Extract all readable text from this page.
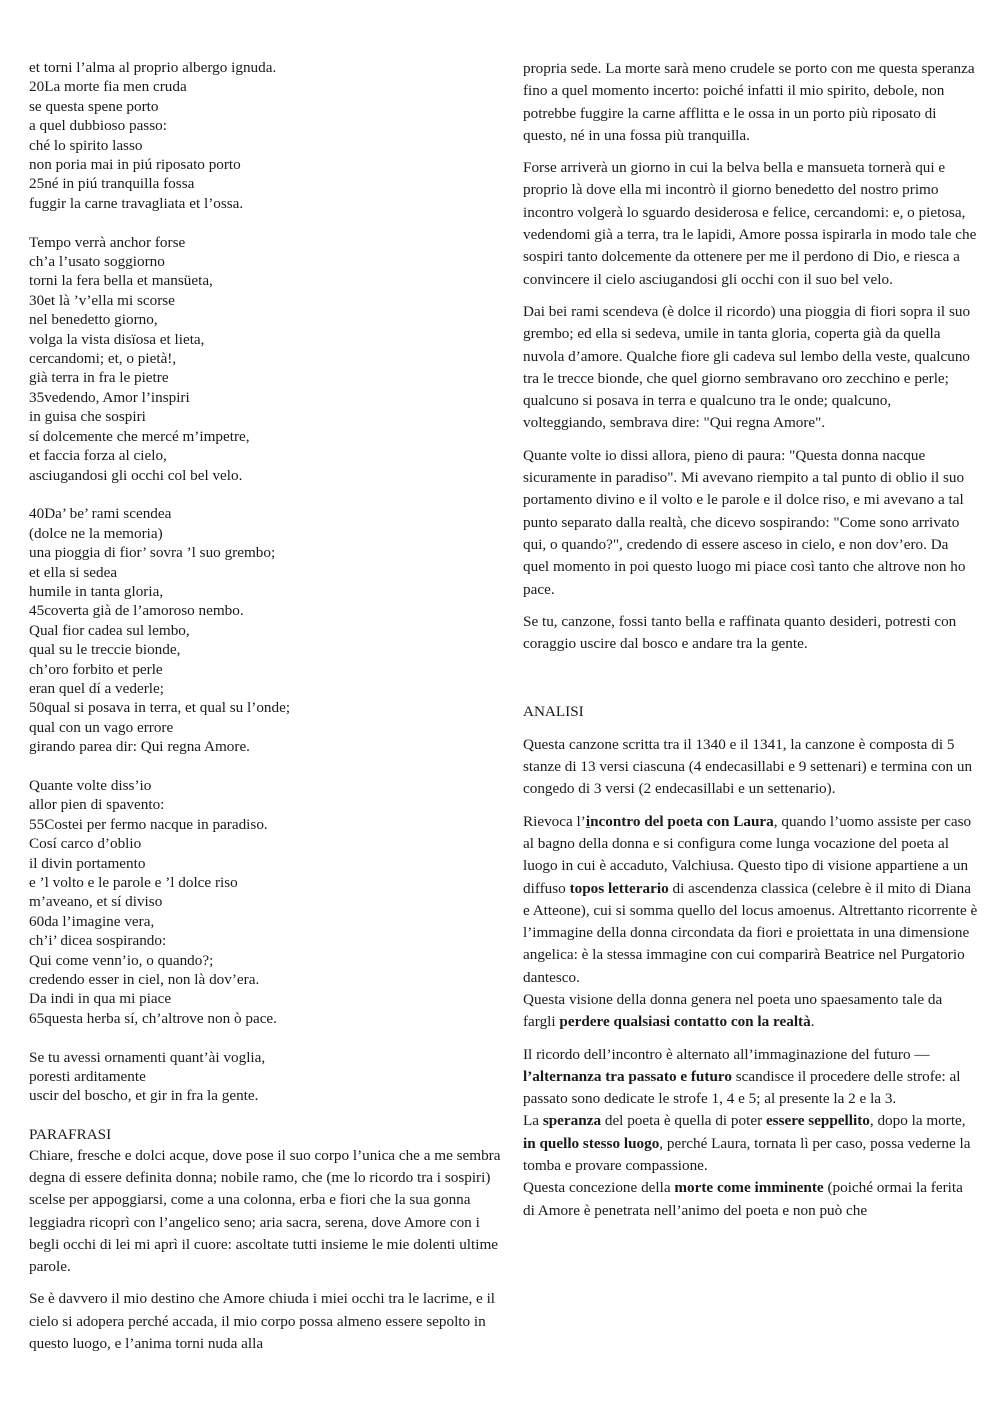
et torni l’alma al proprio albergo ignuda.
20La morte fia men cruda
se questa spene porto
a quel dubbioso passo:
ché lo spirito lasso
non poria mai in piú riposato porto
25né in piú tranquilla fossa
fuggir la carne travagliata et l’ossa.
Tempo verrà anchor forse
ch’a l’usato soggiorno
torni la fera bella et mansüeta,
30et là ’v’ella mi scorse
nel benedetto giorno,
volga la vista disïosa et lieta,
cercandomi; et, o pietà!,
già terra in fra le pietre
35vedendo, Amor l’inspiri
in guisa che sospiri
sí dolcemente che mercé m’impetre,
et faccia forza al cielo,
asciugandosi gli occhi col bel velo.
40Da’ be’ rami scendea
(dolce ne la memoria)
una pioggia di fior’ sovra ’l suo grembo;
et ella si sedea
humile in tanta gloria,
45coverta già de l’amoroso nembo.
Qual fior cadea sul lembo,
qual su le treccie bionde,
ch’oro forbito et perle
eran quel dí a vederle;
50qual si posava in terra, et qual su l’onde;
qual con un vago errore
girando parea dir: Qui regna Amore.
Quante volte diss’io
allor pien di spavento:
55Costei per fermo nacque in paradiso.
Cosí carco d’oblio
il divin portamento
e ’l volto e le parole e ’l dolce riso
m’aveano, et sí diviso
60da l’imagine vera,
ch’i’ dicea sospirando:
Qui come venn’io, o quando?;
credendo esser in ciel, non là dov’era.
Da indi in qua mi piace
65questa herba sí, ch’altrove non ò pace.
Se tu avessi ornamenti quant’ài voglia,
poresti arditamente
uscir del boscho, et gir in fra la gente.

PARAFRASI

Chiare, fresche e dolci acque, dove pose il suo corpo l’unica che a me sembra degna di essere definita donna; nobile ramo, che (me lo ricordo tra i sospiri) scelse per appoggiarsi, come a una colonna, erba e fiori che la sua gonna leggiadra ricoprì con l’angelico seno; aria sacra, serena, dove Amore con i begli occhi di lei mi aprì il cuore: ascoltate tutti insieme le mie dolenti ultime parole.

Se è davvero il mio destino che Amore chiuda i miei occhi tra le lacrime, e il cielo si adopera perché accada, il mio corpo possa almeno essere sepolto in questo luogo, e l’anima torni nuda alla

propria sede. La morte sarà meno crudele se porto con me questa speranza fino a quel momento incerto: poiché infatti il mio spirito, debole, non potrebbe fuggire la carne afflitta e le ossa in un porto più riposato di questo, né in una fossa più tranquilla.

Forse arriverà un giorno in cui la belva bella e mansueta tornerà qui e proprio là dove ella mi incontrò il giorno benedetto del nostro primo incontro volgerà lo sguardo desiderosa e felice, cercandomi: e, o pietosa, vedendomi già a terra, tra le lapidi, Amore possa ispirarla in modo tale che sospiri tanto dolcemente da ottenere per me il perdono di Dio, e riesca a convincere il cielo asciugandosi gli occhi con il suo bel velo.

Dai bei rami scendeva (è dolce il ricordo) una pioggia di fiori sopra il suo grembo; ed ella si sedeva, umile in tanta gloria, coperta già da quella nuvola d’amore. Qualche fiore gli cadeva sul lembo della veste, qualcuno tra le trecce bionde, che quel giorno sembravano oro zecchino e perle; qualcuno si posava in terra e qualcuno tra le onde; qualcuno, volteggiando, sembrava dire: "Qui regna Amore".

Quante volte io dissi allora, pieno di paura: "Questa donna nacque sicuramente in paradiso". Mi avevano riempito a tal punto di oblio il suo portamento divino e il volto e le parole e il dolce riso, e mi avevano a tal punto separato dalla realtà, che dicevo sospirando: "Come sono arrivato qui, o quando?", credendo di essere asceso in cielo, e non dov’ero. Da quel momento in poi questo luogo mi piace così tanto che altrove non ho pace.

Se tu, canzone, fossi tanto bella e raffinata quanto desideri, potresti con coraggio uscire dal bosco e andare tra la gente.

ANALISI

Questa canzone scritta tra il 1340 e il 1341, la canzone è composta di 5 stanze di 13 versi ciascuna (4 endecasillabi e 9 settenari) e termina con un congedo di 3 versi (2 endecasillabi e un settenario).

Rievoca l’incontro del poeta con Laura, quando l’uomo assiste per caso al bagno della donna e si configura come lunga vocazione del poeta al luogo in cui è accaduto, Valchiusa. Questo tipo di visione appartiene a un diffuso topos letterario di ascendenza classica (celebre è il mito di Diana e Atteone), cui si somma quello del locus amoenus. Altrettanto ricorrente è l’immagine della donna circondata da fiori e proiettata in una dimensione angelica: è la stessa immagine con cui comparirà Beatrice nel Purgatorio dantesco.
Questa visione della donna genera nel poeta uno spaesamento tale da fargli perdere qualsiasi contatto con la realtà.

Il ricordo dell’incontro è alternato all’immaginazione del futuro — l’alternanza tra passato e futuro scandisce il procedere delle strofe: al passato sono dedicate le strofe 1, 4 e 5; al presente la 2 e la 3.
La speranza del poeta è quella di poter essere seppellito, dopo la morte, in quello stesso luogo, perché Laura, tornata lì per caso, possa vederne la tomba e provare compassione.
Questa concezione della morte come imminente (poiché ormai la ferita di Amore è penetrata nell’animo del poeta e non può che
